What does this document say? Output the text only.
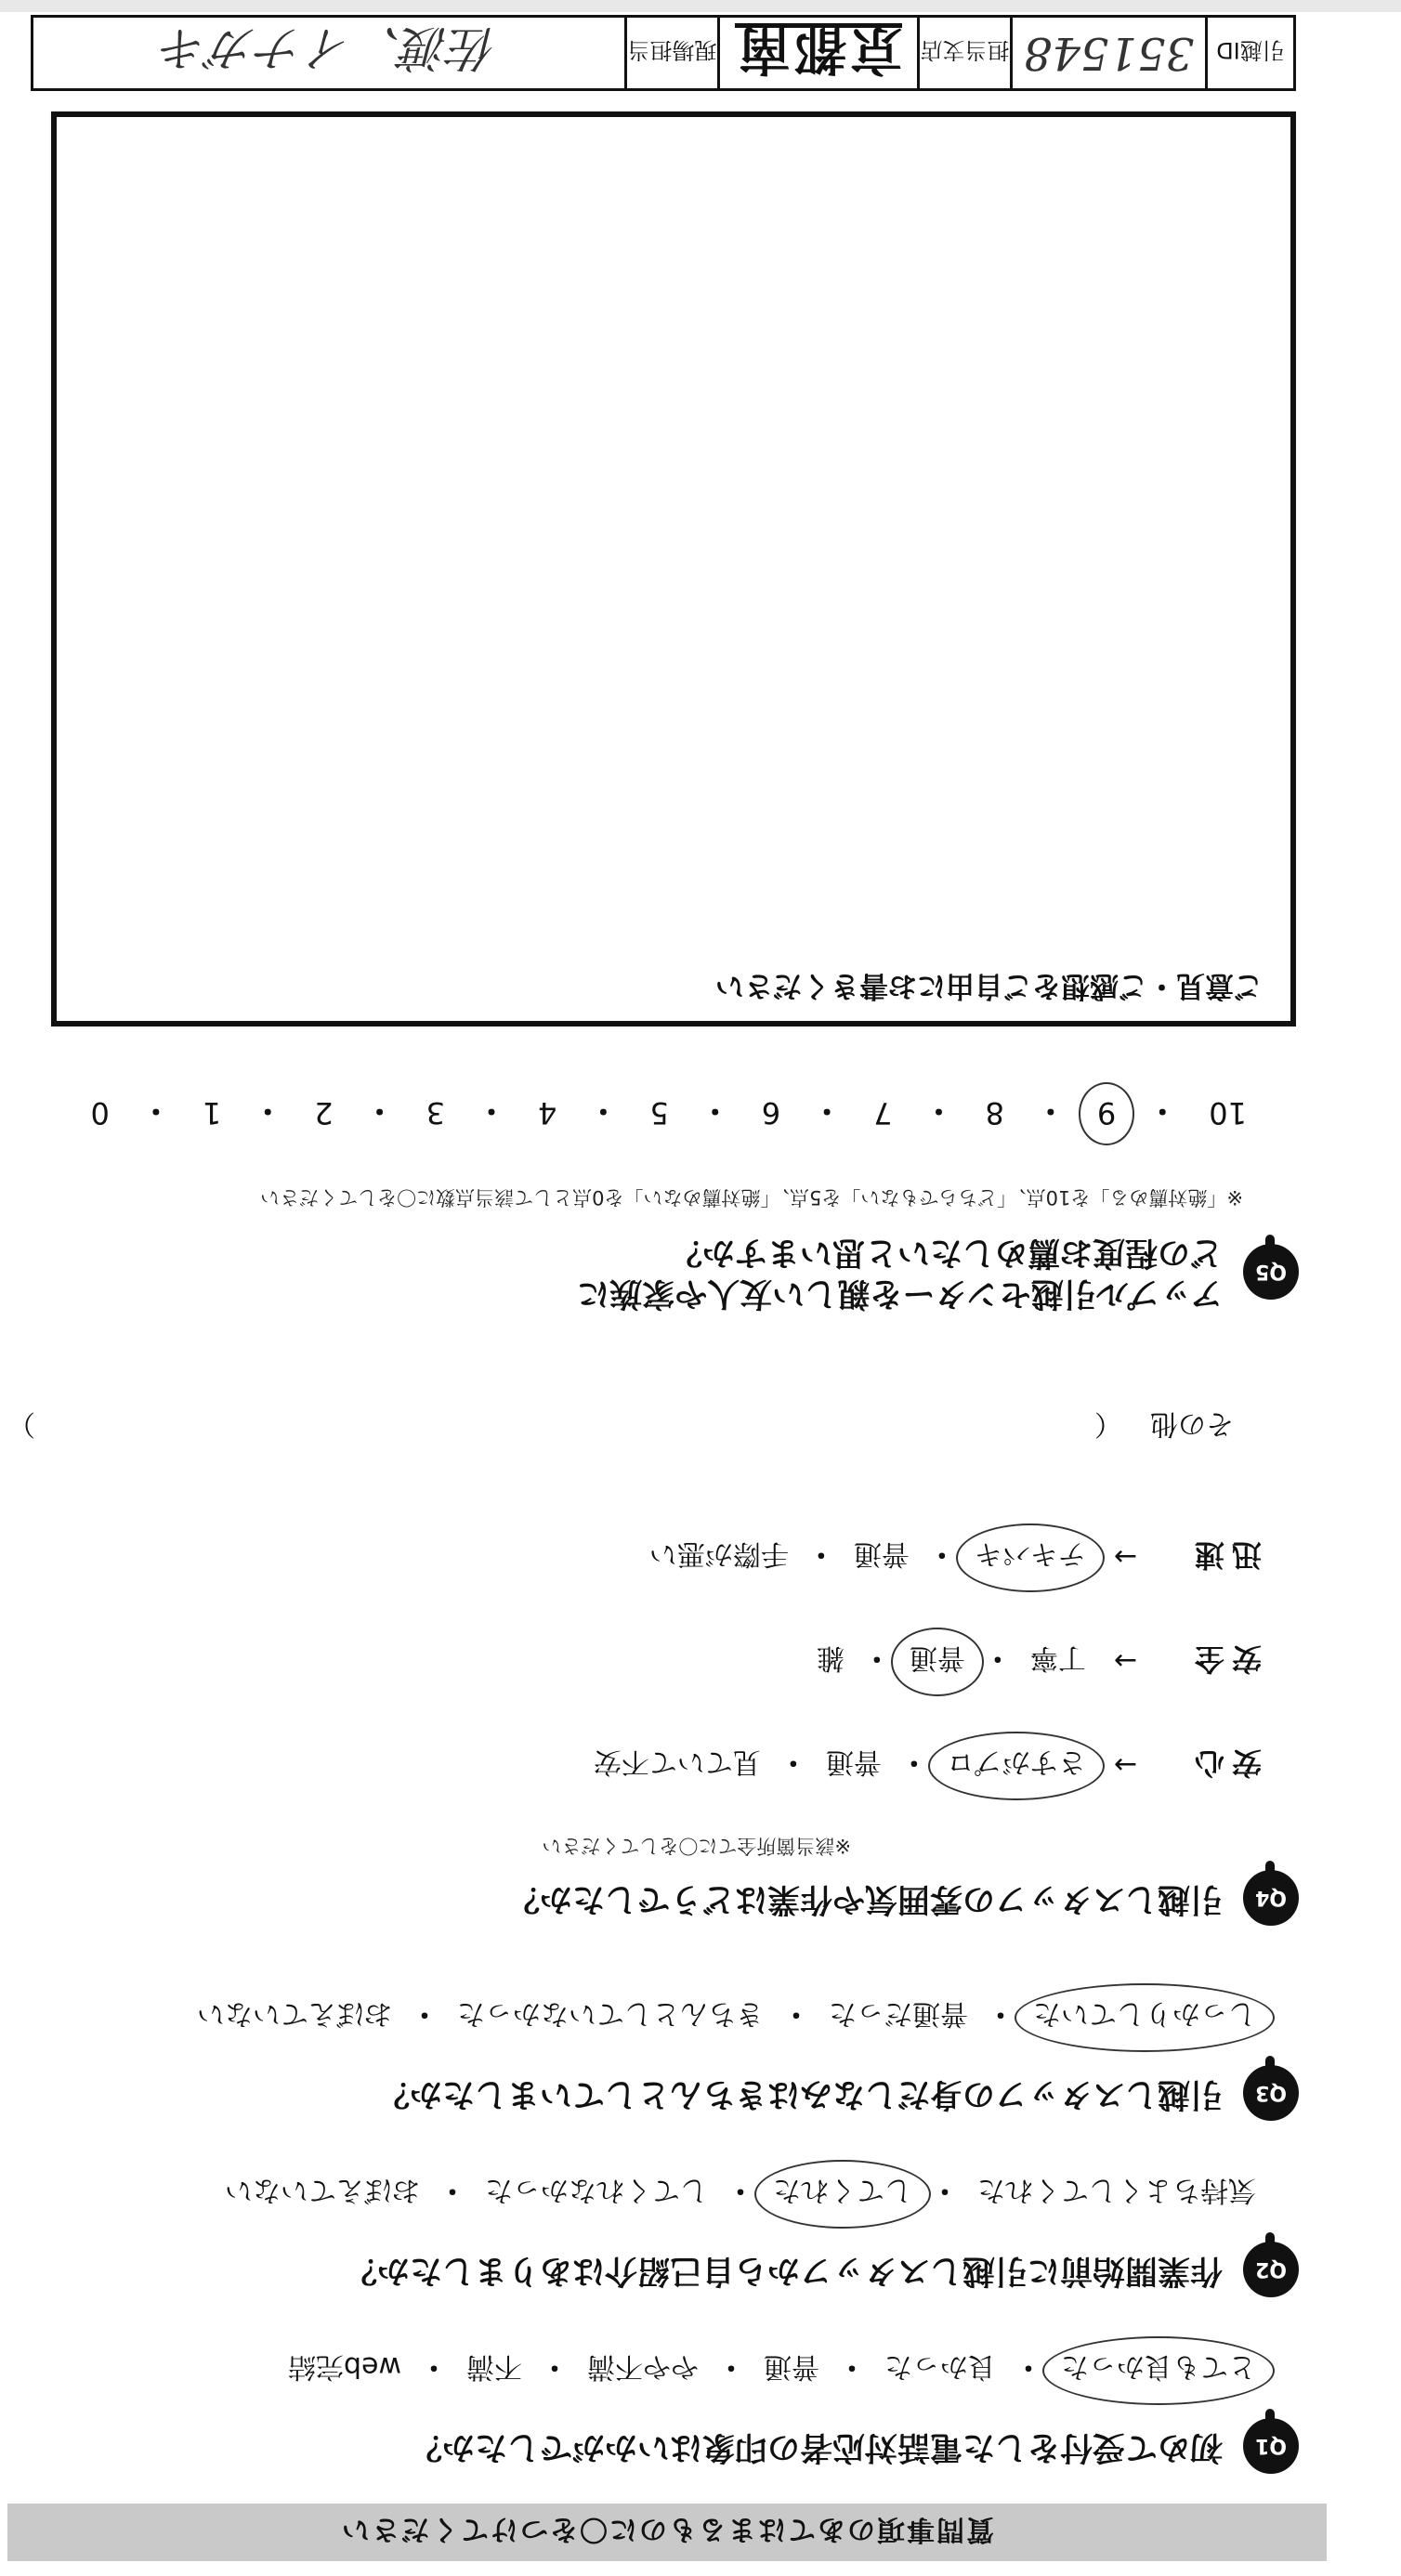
質問事項のあてはまるものに〇をつけてください
Q1
初めて受付をした電話対応者の印象はいかがでしたか？
とても良かった
・
良かった
・
普通
・
やや不満
・
不満
・
web完結
Q2
作業開始前に引越しスタッフから自己紹介はありましたか？
気持ちよくしてくれた
・
してくれた
・
してくれなかった
・
おぼえていない
Q3
引越しスタッフの身だしなみはきちんとしていましたか？
しっかりしていた
・
普通だった
・
きちんとしていなかった
・
おぼえていない
Q4
引越しスタッフの雰囲気や作業はどうでしたか？
※該当箇所全てに〇をしてください
安心
→
さすがプロ
・
普通
・
見ていて不安
安全
→
丁寧
・
普通
・
雑
迅速
→
テキパキ
・
普通
・
手際が悪い
その他
（
）
Q5
アップル引越センターを親しい友人や家族に
どの程度お薦めしたいと思いますか？
※「絶対薦める」を10点、「どちらでもない」を5点、「絶対薦めない」を0点として該当点数に〇をしてください
10
・
9
・
8
・
7
・
6
・
5
・
4
・
3
・
2
・
1
・
0
ご意見・ご感想をご自由にお書きください
引越ID
351548
担当支店
京都南
現場担当
佐渡、イナガキ
